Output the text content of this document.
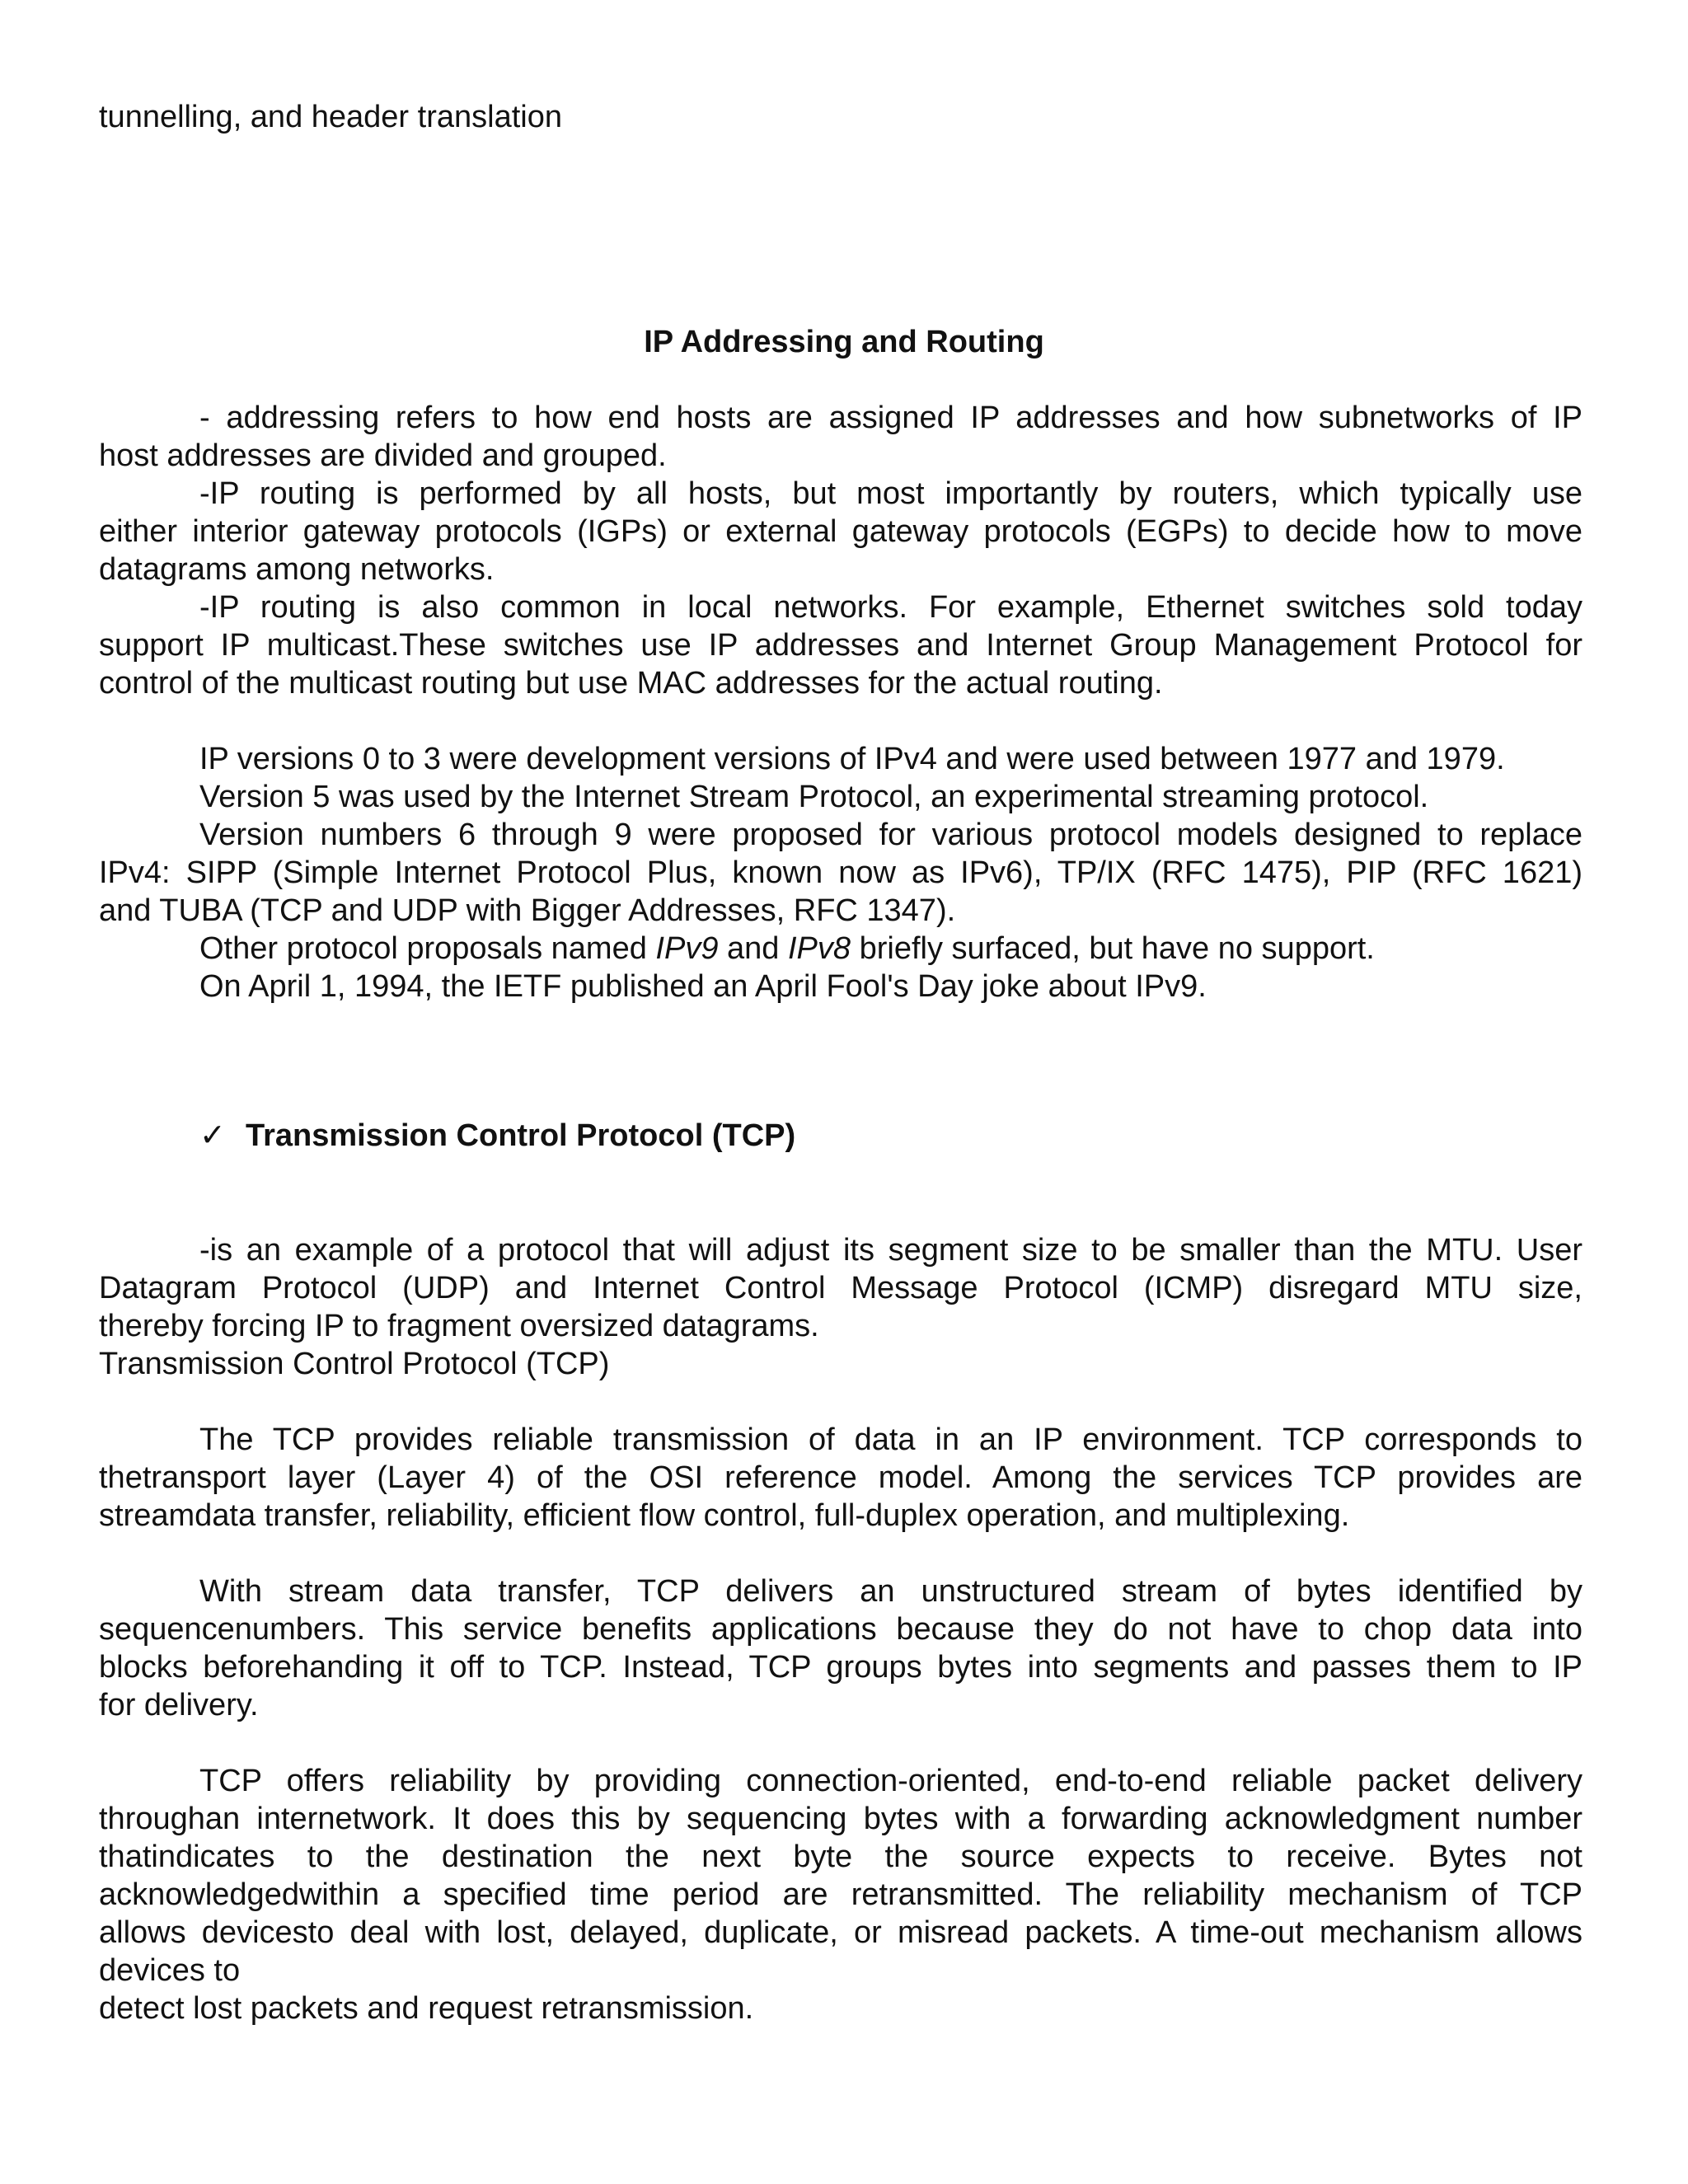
tunnelling, and header translation
IP Addressing and Routing
- addressing refers to how end hosts are assigned IP addresses and how subnetworks of IP
host addresses are divided and grouped.
-IP routing is performed by all hosts, but most importantly by routers, which typically use
either interior gateway protocols (IGPs) or external gateway protocols (EGPs) to decide how to move
datagrams among networks.
-IP routing is also common in local networks. For example, Ethernet switches sold today
support IP multicast.These switches use IP addresses and Internet Group Management Protocol for
control of the multicast routing but use MAC addresses for the actual routing.
IP versions 0 to 3 were development versions of IPv4 and were used between 1977 and 1979.
Version 5 was used by the Internet Stream Protocol, an experimental streaming protocol.
Version numbers 6 through 9 were proposed for various protocol models designed to replace
IPv4: SIPP (Simple Internet Protocol Plus, known now as IPv6), TP/IX (RFC 1475), PIP (RFC 1621)
and TUBA (TCP and UDP with Bigger Addresses, RFC 1347).
Other protocol proposals named IPv9 and IPv8 briefly surfaced, but have no support.
On April 1, 1994, the IETF published an April Fool's Day joke about IPv9.
✓ Transmission Control Protocol (TCP)
-is an example of a protocol that will adjust its segment size to be smaller than the MTU. User
Datagram Protocol (UDP) and Internet Control Message Protocol (ICMP) disregard MTU size,
thereby forcing IP to fragment oversized datagrams.
Transmission Control Protocol (TCP)
The TCP provides reliable transmission of data in an IP environment. TCP corresponds to
thetransport layer (Layer 4) of the OSI reference model. Among the services TCP provides are
streamdata transfer, reliability, efficient flow control, full-duplex operation, and multiplexing.
With stream data transfer, TCP delivers an unstructured stream of bytes identified by
sequencenumbers. This service benefits applications because they do not have to chop data into
blocks beforehanding it off to TCP. Instead, TCP groups bytes into segments and passes them to IP
for delivery.
TCP offers reliability by providing connection-oriented, end-to-end reliable packet delivery
throughan internetwork. It does this by sequencing bytes with a forwarding acknowledgment number
thatindicates to the destination the next byte the source expects to receive. Bytes not
acknowledgedwithin a specified time period are retransmitted. The reliability mechanism of TCP
allows devicesto deal with lost, delayed, duplicate, or misread packets. A time-out mechanism allows
devices to
detect lost packets and request retransmission.
